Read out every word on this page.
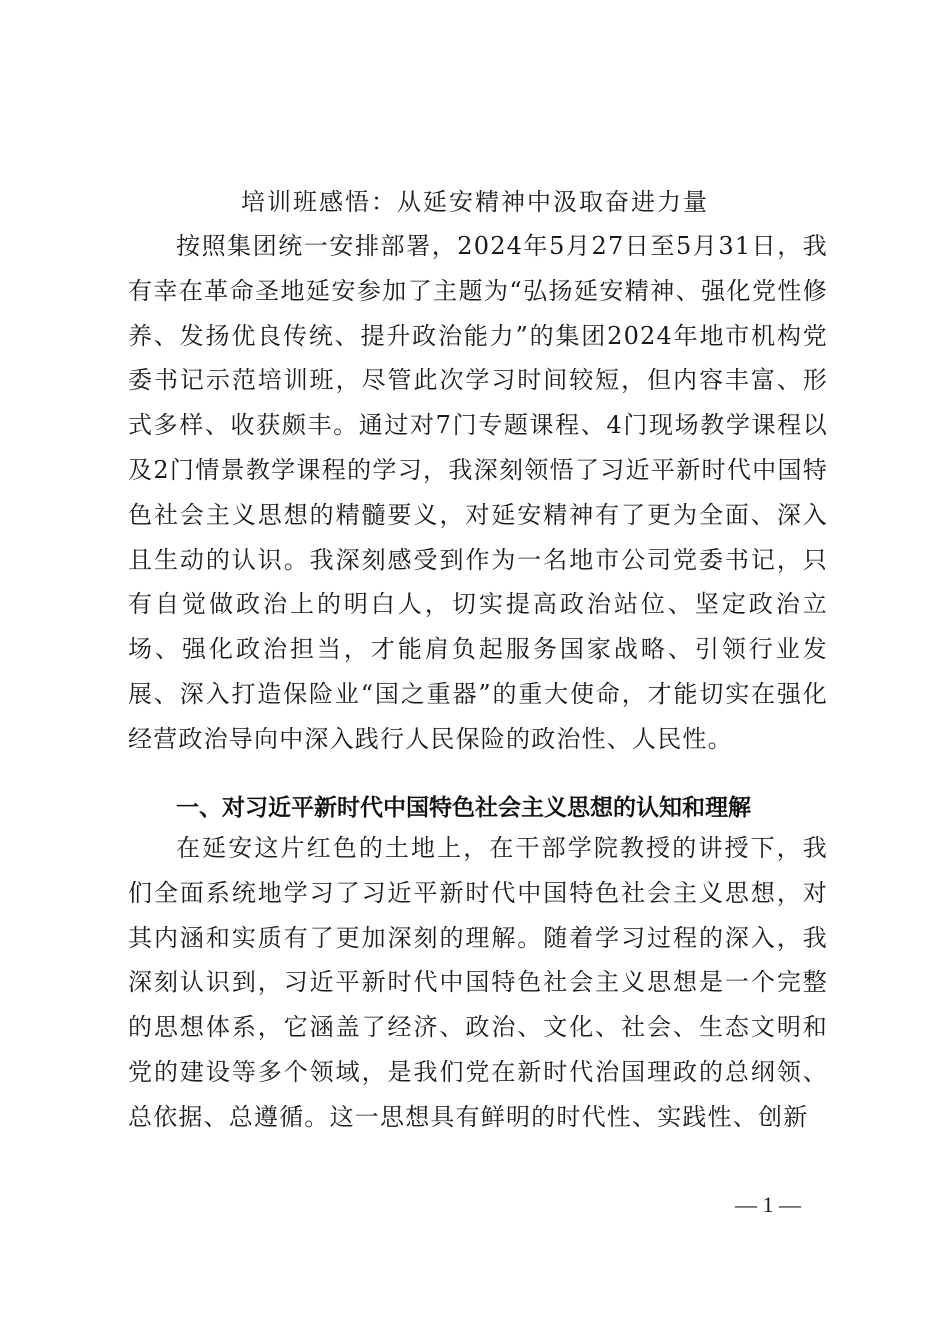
培训班感悟：从延安精神中汲取奋进力量

按照集团统一安排部署，2024年5月27日至5月31日，我有幸在革命圣地延安参加了主题为“弘扬延安精神、强化党性修养、发扬优良传统、提升政治能力”的集团2024年地市机构党委书记示范培训班，尽管此次学习时间较短，但内容丰富、形式多样、收获颇丰。通过对7门专题课程、4门现场教学课程以及2门情景教学课程的学习，我深刻领悟了习近平新时代中国特色社会主义思想的精髓要义，对延安精神有了更为全面、深入且生动的认识。我深刻感受到作为一名地市公司党委书记，只有自觉做政治上的明白人，切实提高政治站位、坚定政治立场、强化政治担当，才能肩负起服务国家战略、引领行业发展、深入打造保险业“国之重器”的重大使命，才能切实在强化经营政治导向中深入践行人民保险的政治性、人民性。

一、对习近平新时代中国特色社会主义思想的认知和理解

在延安这片红色的土地上，在干部学院教授的讲授下，我们全面系统地学习了习近平新时代中国特色社会主义思想，对其内涵和实质有了更加深刻的理解。随着学习过程的深入，我深刻认识到，习近平新时代中国特色社会主义思想是一个完整的思想体系，它涵盖了经济、政治、文化、社会、生态文明和党的建设等多个领域，是我们党在新时代治国理政的总纲领、总依据、总遵循。这一思想具有鲜明的时代性、实践性、创新

— 1 —
